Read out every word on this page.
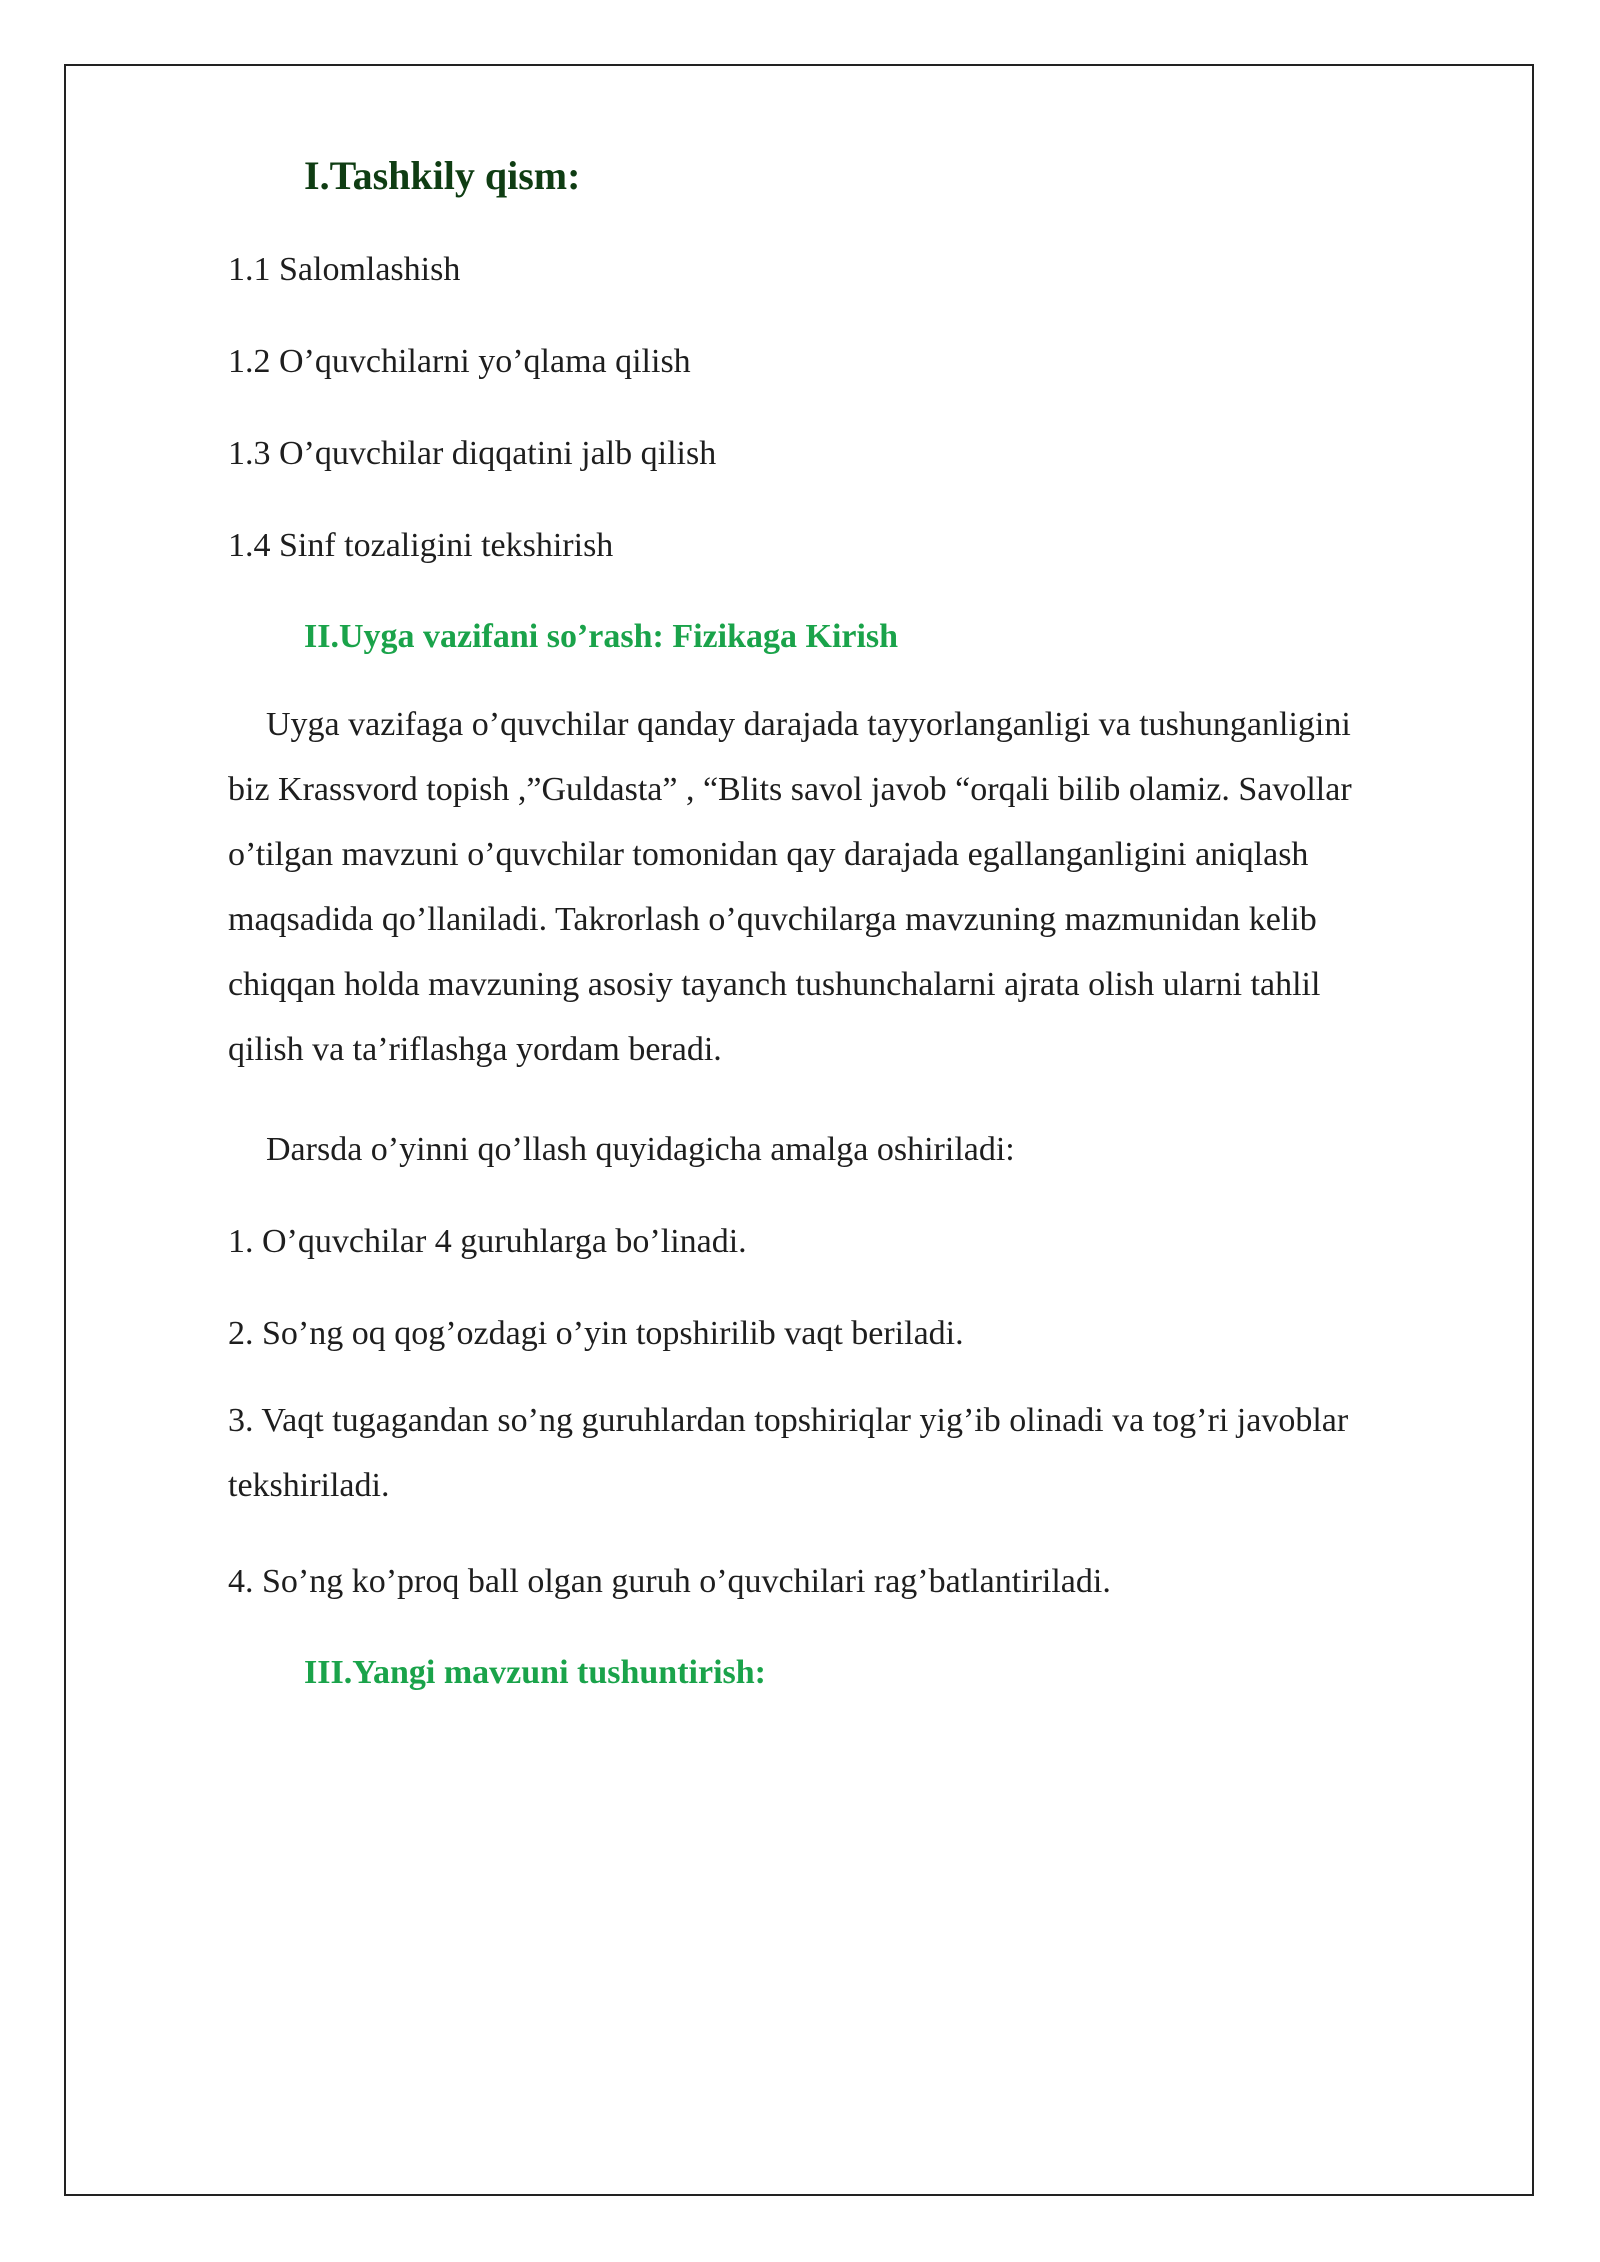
I.Tashkily qism:

1.1 Salomlashish

1.2 O’quvchilarni yo’qlama qilish

1.3 O’quvchilar diqqatini jalb qilish

1.4 Sinf tozaligini tekshirish

II.Uyga vazifani so’rash: Fizikaga Kirish

Uyga vazifaga o’quvchilar qanday darajada tayyorlanganligi va tushunganligini
biz Krassvord topish ,”Guldasta” , “Blits savol javob “orqali bilib olamiz. Savollar
o’tilgan mavzuni o’quvchilar tomonidan qay darajada egallanganligini aniqlash
maqsadida qo’llaniladi. Takrorlash o’quvchilarga mavzuning mazmunidan kelib
chiqqan holda mavzuning asosiy tayanch tushunchalarni ajrata olish ularni tahlil
qilish va ta’riflashga yordam beradi.

Darsda o’yinni qo’llash quyidagicha amalga oshiriladi:

1. O’quvchilar 4 guruhlarga bo’linadi.

2. So’ng oq qog’ozdagi o’yin topshirilib vaqt beriladi.

3. Vaqt tugagandan so’ng guruhlardan topshiriqlar yig’ib olinadi va tog’ri javoblar
tekshiriladi.

4. So’ng ko’proq ball olgan guruh o’quvchilari rag’batlantiriladi.

III.Yangi mavzuni tushuntirish:
